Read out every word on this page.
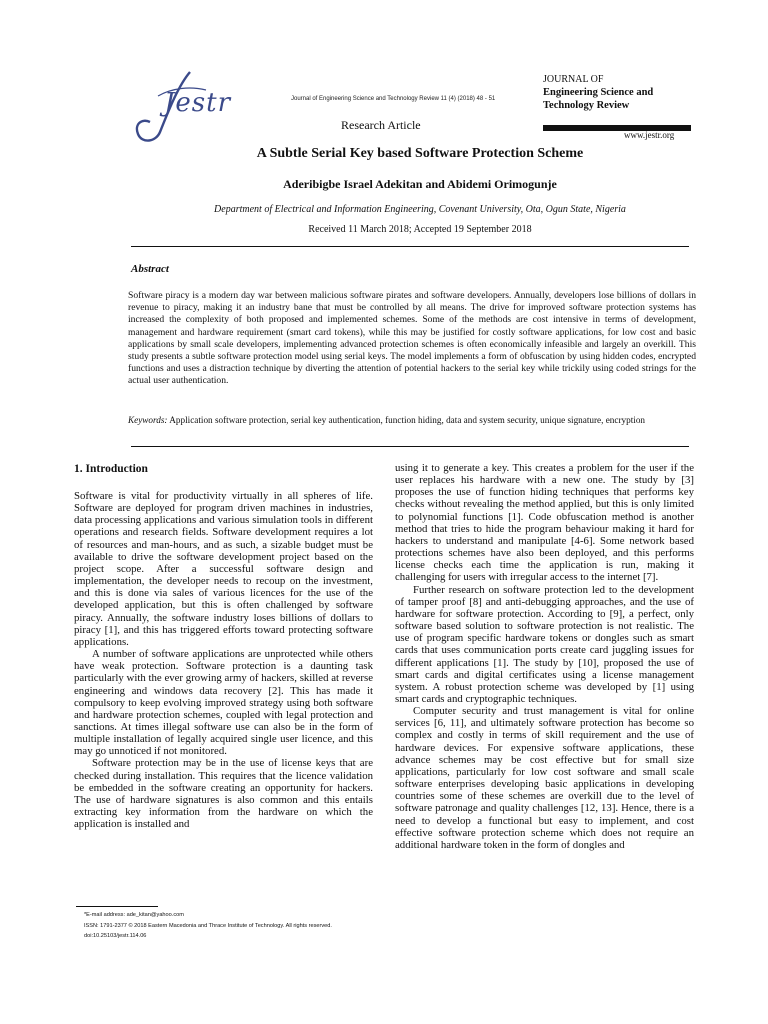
Jestr	Journal of Engineering Science and Technology Review 11 (4) (2018) 48 - 51
Research Article
JOURNAL OF
Engineering Science and
Technology Review
www.jestr.org
A Subtle Serial Key based Software Protection Scheme
Aderibigbe Israel Adekitan and Abidemi Orimogunje
Department of Electrical and Information Engineering, Covenant University, Ota, Ogun State, Nigeria
Received 11 March 2018; Accepted 19 September 2018
Abstract
Software piracy is a modern day war between malicious software pirates and software developers. Annually, developers lose billions of dollars in revenue to piracy, making it an industry bane that must be controlled by all means. The drive for improved software protection systems has increased the complexity of both proposed and implemented schemes. Some of the methods are cost intensive in terms of development, management and hardware requirement (smart card tokens), while this may be justified for costly software applications, for low cost and basic applications by small scale developers, implementing advanced protection schemes is often economically infeasible and largely an overkill. This study presents a subtle software protection model using serial keys. The model implements a form of obfuscation by using hidden codes, encrypted functions and uses a distraction technique by diverting the attention of potential hackers to the serial key while trickily using coded strings for the actual user authentication.
Keywords: Application software protection, serial key authentication, function hiding, data and system security, unique signature, encryption
1. Introduction

Software is vital for productivity virtually in all spheres of life. Software are deployed for program driven machines in industries, data processing applications and various simulation tools in different operations and research fields. Software development requires a lot of resources and man-hours, and as such, a sizable budget must be available to drive the software development project based on the project scope. After a successful software design and implementation, the developer needs to recoup on the investment, and this is done via sales of various licences for the use of the developed application, but this is often challenged by software piracy. Annually, the software industry loses billions of dollars to piracy [1], and this has triggered efforts toward protecting software applications.

A number of software applications are unprotected while others have weak protection. Software protection is a daunting task particularly with the ever growing army of hackers, skilled at reverse engineering and windows data recovery [2]. This has made it compulsory to keep evolving improved strategy using both software and hardware protection schemes, coupled with legal protection and sanctions. At times illegal software use can also be in the form of multiple installation of legally acquired single user licence, and this may go unnoticed if not monitored.

Software protection may be in the use of license keys that are checked during installation. This requires that the licence validation be embedded in the software creating an opportunity for hackers. The use of hardware signatures is also common and this entails extracting key information from the hardware on which the application is installed and

using it to generate a key. This creates a problem for the user if the user replaces his hardware with a new one. The study by [3] proposes the use of function hiding techniques that performs key checks without revealing the method applied, but this is only limited to polynomial functions [1]. Code obfuscation method is another method that tries to hide the program behaviour making it hard for hackers to understand and manipulate [4-6]. Some network based protections schemes have also been deployed, and this performs license checks each time the application is run, making it challenging for users with irregular access to the internet [7].

Further research on software protection led to the development of tamper proof [8] and anti-debugging approaches, and the use of hardware for software protection. According to [9], a perfect, only software based solution to software protection is not realistic. The use of program specific hardware tokens or dongles such as smart cards that uses communication ports create card juggling issues for different applications [1]. The study by [10], proposed the use of smart cards and digital certificates using a license management system. A robust protection scheme was developed by [1] using smart cards and cryptographic techniques.

Computer security and trust management is vital for online services [6, 11], and ultimately software protection has become so complex and costly in terms of skill requirement and the use of hardware devices. For expensive software applications, these advance schemes may be cost effective but for small size applications, particularly for low cost software and small scale software enterprises developing basic applications in developing countries some of these schemes are overkill due to the level of software patronage and quality challenges [12, 13]. Hence, there is a need to develop a functional but easy to implement, and cost effective software protection scheme which does not require an additional hardware token in the form of dongles and

*E-mail address: ade_kitan@yahoo.com
ISSN: 1791-2377 © 2018 Eastern Macedonia and Thrace Institute of Technology. All rights reserved.
doi:10.25103/jestr.114.06
